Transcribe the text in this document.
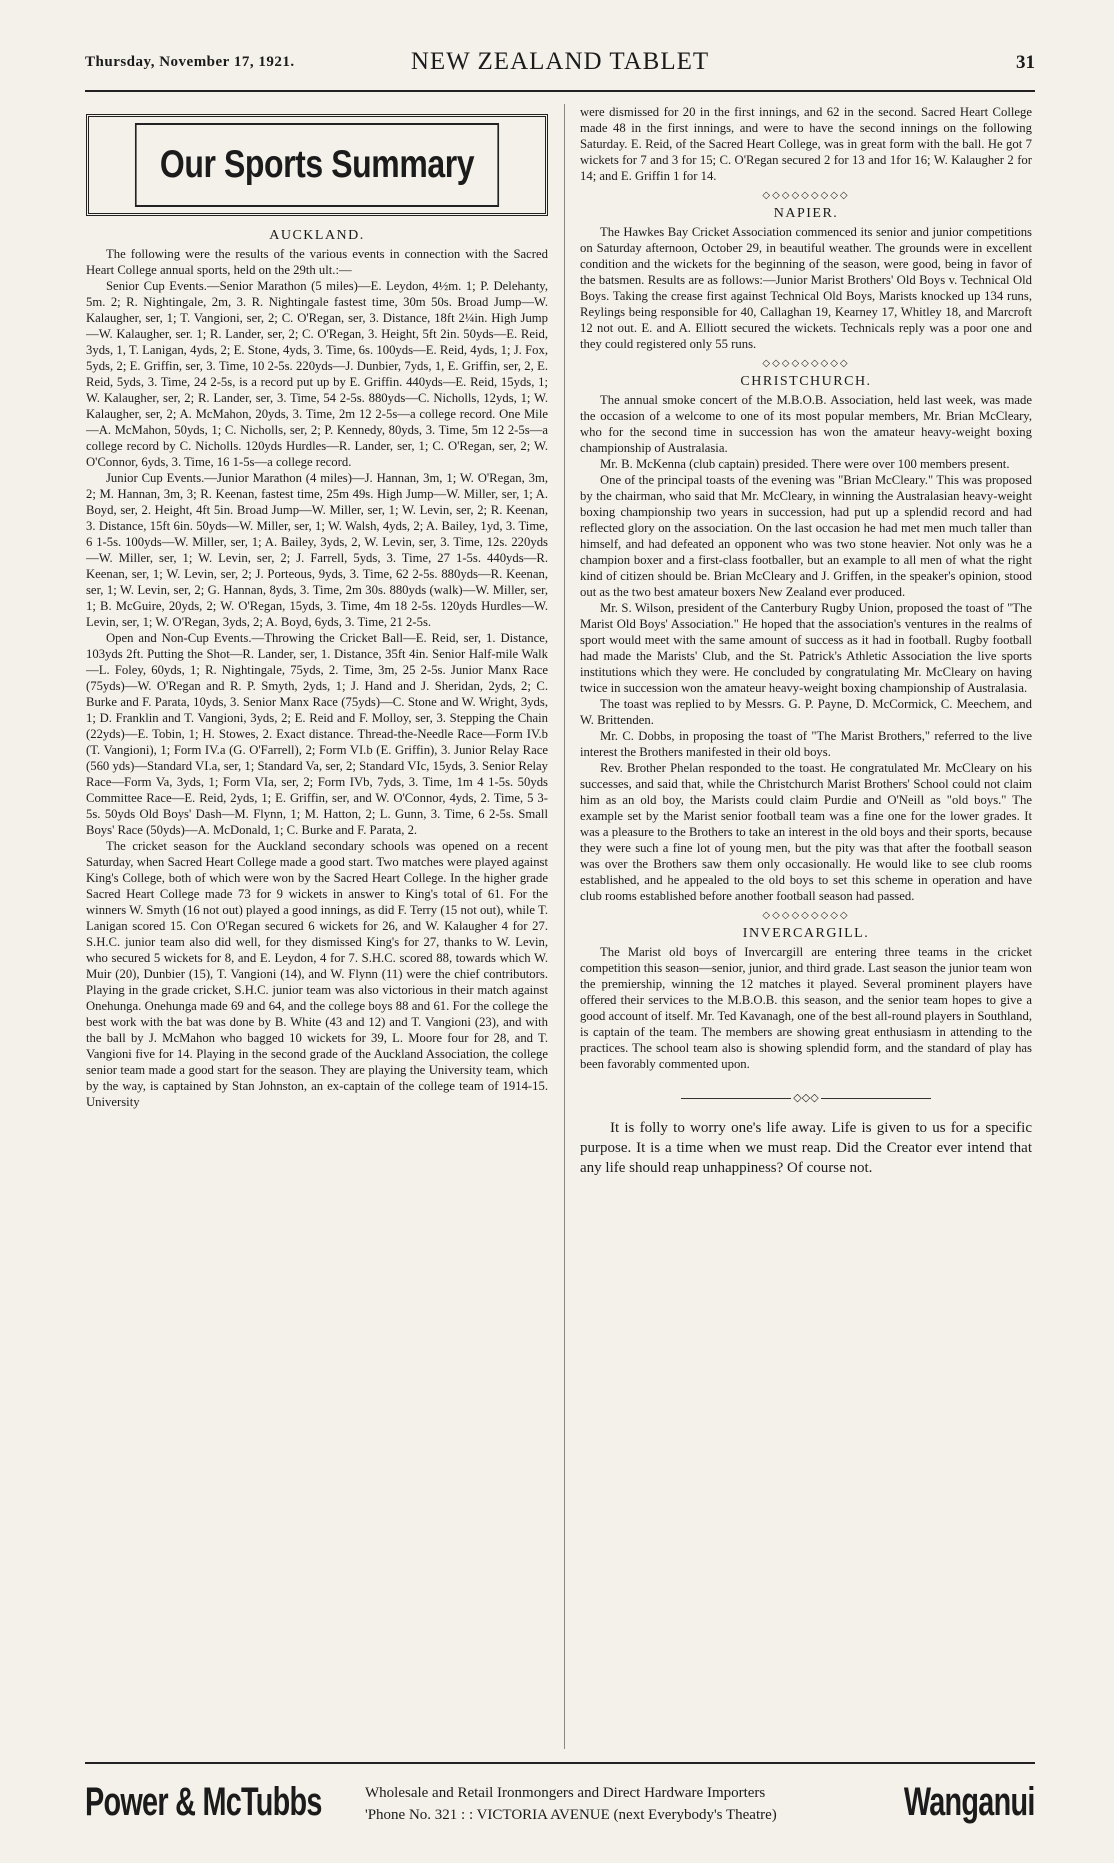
Thursday, November 17, 1921.	NEW ZEALAND TABLET	31
Our Sports Summary
AUCKLAND.

The following were the results of the various events in connection with the Sacred Heart College annual sports, held on the 29th ult.:—

Senior Cup Events.—Senior Marathon (5 miles)—E. Leydon, 4½m. 1; P. Delehanty, 5m. 2; R. Nightingale, 2m, 3. R. Nightingale fastest time, 30m 50s. Broad Jump—W. Kalaugher, ser, 1; T. Vangioni, ser, 2; C. O'Regan, ser, 3. Distance, 18ft 2¼in. High Jump—W. Kalaugher, ser. 1; R. Lander, ser, 2; C. O'Regan, 3. Height, 5ft 2in. 50yds—E. Reid, 3yds, 1, T. Lanigan, 4yds, 2; E. Stone, 4yds, 3. Time, 6s. 100yds—E. Reid, 4yds, 1; J. Fox, 5yds, 2; E. Griffin, ser, 3. Time, 10 2-5s. 220yds—J. Dunbier, 7yds, 1, E. Griffin, ser, 2, E. Reid, 5yds, 3. Time, 24 2-5s, is a record put up by E. Griffin. 440yds—E. Reid, 15yds, 1; W. Kalaugher, ser, 2; R. Lander, ser, 3. Time, 54 2-5s. 880yds—C. Nicholls, 12yds, 1; W. Kalaugher, ser, 2; A. McMahon, 20yds, 3. Time, 2m 12 2-5s—a college record. One Mile—A. McMahon, 50yds, 1; C. Nicholls, ser, 2; P. Kennedy, 80yds, 3. Time, 5m 12 2-5s—a college record by C. Nicholls. 120yds Hurdles—R. Lander, ser, 1; C. O'Regan, ser, 2; W. O'Connor, 6yds, 3. Time, 16 1-5s—a college record.

Junior Cup Events.—Junior Marathon (4 miles)—J. Hannan, 3m, 1; W. O'Regan, 3m, 2; M. Hannan, 3m, 3; R. Keenan, fastest time, 25m 49s. High Jump—W. Miller, ser, 1; A. Boyd, ser, 2. Height, 4ft 5in. Broad Jump—W. Miller, ser, 1; W. Levin, ser, 2; R. Keenan, 3. Distance, 15ft 6in. 50yds—W. Miller, ser, 1; W. Walsh, 4yds, 2; A. Bailey, 1yd, 3. Time, 6 1-5s. 100yds—W. Miller, ser, 1; A. Bailey, 3yds, 2, W. Levin, ser, 3. Time, 12s. 220yds—W. Miller, ser, 1; W. Levin, ser, 2; J. Farrell, 5yds, 3. Time, 27 1-5s. 440yds—R. Keenan, ser, 1; W. Levin, ser, 2; J. Porteous, 9yds, 3. Time, 62 2-5s. 880yds—R. Keenan, ser, 1; W. Levin, ser, 2; G. Hannan, 8yds, 3. Time, 2m 30s. 880yds (walk)—W. Miller, ser, 1; B. McGuire, 20yds, 2; W. O'Regan, 15yds, 3. Time, 4m 18 2-5s. 120yds Hurdles—W. Levin, ser, 1; W. O'Regan, 3yds, 2; A. Boyd, 6yds, 3. Time, 21 2-5s.

Open and Non-Cup Events.—Throwing the Cricket Ball—E. Reid, ser, 1. Distance, 103yds 2ft. Putting the Shot—R. Lander, ser, 1. Distance, 35ft 4in. Senior Half-mile Walk—L. Foley, 60yds, 1; R. Nightingale, 75yds, 2. Time, 3m, 25 2-5s. Junior Manx Race (75yds)—W. O'Regan and R. P. Smyth, 2yds, 1; J. Hand and J. Sheridan, 2yds, 2; C. Burke and F. Parata, 10yds, 3. Senior Manx Race (75yds)—C. Stone and W. Wright, 3yds, 1; D. Franklin and T. Vangioni, 3yds, 2; E. Reid and F. Molloy, ser, 3. Stepping the Chain (22yds)—E. Tobin, 1; H. Stowes, 2. Exact distance. Thread-the-Needle Race—Form IV.b (T. Vangioni), 1; Form IV.a (G. O'Farrell), 2; Form VI.b (E. Griffin), 3. Junior Relay Race (560 yds)—Standard VI.a, ser, 1; Standard Va, ser, 2; Standard VIc, 15yds, 3. Senior Relay Race—Form Va, 3yds, 1; Form VIa, ser, 2; Form IVb, 7yds, 3. Time, 1m 4 1-5s. 50yds Committee Race—E. Reid, 2yds, 1; E. Griffin, ser, and W. O'Connor, 4yds, 2. Time, 5 3-5s. 50yds Old Boys' Dash—M. Flynn, 1; M. Hatton, 2; L. Gunn, 3. Time, 6 2-5s. Small Boys' Race (50yds)—A. McDonald, 1; C. Burke and F. Parata, 2.

The cricket season for the Auckland secondary schools was opened on a recent Saturday, when Sacred Heart College made a good start. Two matches were played against King's College, both of which were won by the Sacred Heart College. In the higher grade Sacred Heart College made 73 for 9 wickets in answer to King's total of 61. For the winners W. Smyth (16 not out) played a good innings, as did F. Terry (15 not out), while T. Lanigan scored 15. Con O'Regan secured 6 wickets for 26, and W. Kalaugher 4 for 27. S.H.C. junior team also did well, for they dismissed King's for 27, thanks to W. Levin, who secured 5 wickets for 8, and E. Leydon, 4 for 7. S.H.C. scored 88, towards which W. Muir (20), Dunbier (15), T. Vangioni (14), and W. Flynn (11) were the chief contributors. Playing in the grade cricket, S.H.C. junior team was also victorious in their match against Onehunga. Onehunga made 69 and 64, and the college boys 88 and 61. For the college the best work with the bat was done by B. White (43 and 12) and T. Vangioni (23), and with the ball by J. McMahon who bagged 10 wickets for 39, L. Moore four for 28, and T. Vangioni five for 14. Playing in the second grade of the Auckland Association, the college senior team made a good start for the season. They are playing the University team, which by the way, is captained by Stan Johnston, an ex-captain of the college team of 1914-15. University

were dismissed for 20 in the first innings, and 62 in the second. Sacred Heart College made 48 in the first innings, and were to have the second innings on the following Saturday. E. Reid, of the Sacred Heart College, was in great form with the ball. He got 7 wickets for 7 and 3 for 15; C. O'Regan secured 2 for 13 and 1for 16; W. Kalaugher 2 for 14; and E. Griffin 1 for 14.

◇◇◇◇◇◇◇◇◇
NAPIER.

The Hawkes Bay Cricket Association commenced its senior and junior competitions on Saturday afternoon, October 29, in beautiful weather. The grounds were in excellent condition and the wickets for the beginning of the season, were good, being in favor of the batsmen. Results are as follows:—Junior Marist Brothers' Old Boys v. Technical Old Boys. Taking the crease first against Technical Old Boys, Marists knocked up 134 runs, Reylings being responsible for 40, Callaghan 19, Kearney 17, Whitley 18, and Marcroft 12 not out. E. and A. Elliott secured the wickets. Technicals reply was a poor one and they could registered only 55 runs.

◇◇◇◇◇◇◇◇◇
CHRISTCHURCH.

The annual smoke concert of the M.B.O.B. Association, held last week, was made the occasion of a welcome to one of its most popular members, Mr. Brian McCleary, who for the second time in succession has won the amateur heavy-weight boxing championship of Australasia.

Mr. B. McKenna (club captain) presided. There were over 100 members present.

One of the principal toasts of the evening was "Brian McCleary." This was proposed by the chairman, who said that Mr. McCleary, in winning the Australasian heavy-weight boxing championship two years in succession, had put up a splendid record and had reflected glory on the association. On the last occasion he had met men much taller than himself, and had defeated an opponent who was two stone heavier. Not only was he a champion boxer and a first-class footballer, but an example to all men of what the right kind of citizen should be. Brian McCleary and J. Griffen, in the speaker's opinion, stood out as the two best amateur boxers New Zealand ever produced.

Mr. S. Wilson, president of the Canterbury Rugby Union, proposed the toast of "The Marist Old Boys' Association." He hoped that the association's ventures in the realms of sport would meet with the same amount of success as it had in football. Rugby football had made the Marists' Club, and the St. Patrick's Athletic Association the live sports institutions which they were. He concluded by congratulating Mr. McCleary on having twice in succession won the amateur heavy-weight boxing championship of Australasia.

The toast was replied to by Messrs. G. P. Payne, D. McCormick, C. Meechem, and W. Brittenden.

Mr. C. Dobbs, in proposing the toast of "The Marist Brothers," referred to the live interest the Brothers manifested in their old boys.

Rev. Brother Phelan responded to the toast. He congratulated Mr. McCleary on his successes, and said that, while the Christchurch Marist Brothers' School could not claim him as an old boy, the Marists could claim Purdie and O'Neill as "old boys." The example set by the Marist senior football team was a fine one for the lower grades. It was a pleasure to the Brothers to take an interest in the old boys and their sports, because they were such a fine lot of young men, but the pity was that after the football season was over the Brothers saw them only occasionally. He would like to see club rooms established, and he appealed to the old boys to set this scheme in operation and have club rooms established before another football season had passed.

◇◇◇◇◇◇◇◇◇
INVERCARGILL.

The Marist old boys of Invercargill are entering three teams in the cricket competition this season—senior, junior, and third grade. Last season the junior team won the premiership, winning the 12 matches it played. Several prominent players have offered their services to the M.B.O.B. this season, and the senior team hopes to give a good account of itself. Mr. Ted Kavanagh, one of the best all-round players in Southland, is captain of the team. The members are showing great enthusiasm in attending to the practices. The school team also is showing splendid form, and the standard of play has been favorably commented upon.

◇◇◇

It is folly to worry one's life away. Life is given to us for a specific purpose. It is a time when we must reap. Did the Creator ever intend that any life should reap unhappiness? Of course not.

Power & McTubbs	Wholesale and Retail Ironmongers and Direct Hardware Importers
'Phone No. 321 : : VICTORIA AVENUE (next Everybody's Theatre)	Wanganui
